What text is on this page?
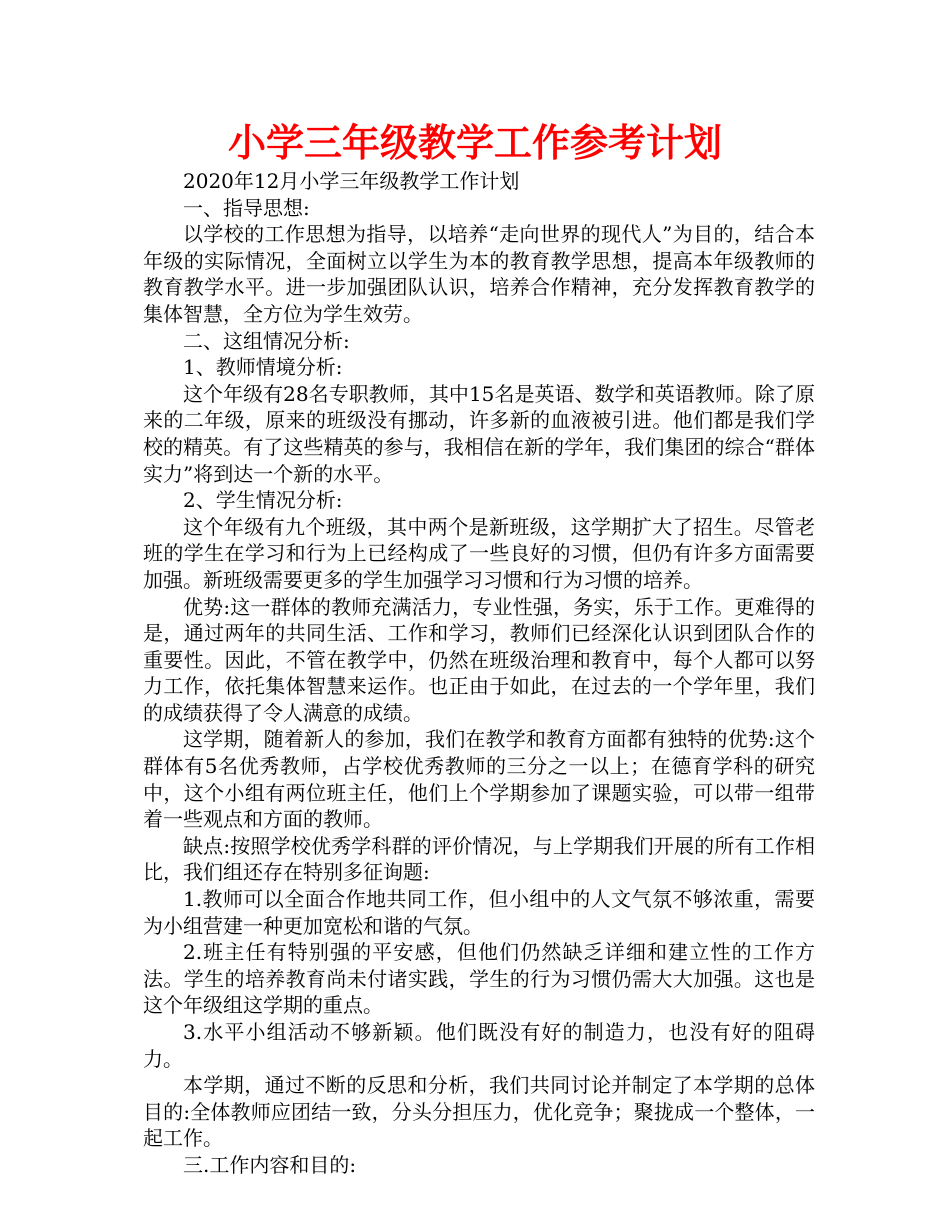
小学三年级教学工作参考计划

2020年12月小学三年级教学工作计划

一、指导思想:

以学校的工作思想为指导，以培养“走向世界的现代人”为目的，结合本年级的实际情况，全面树立以学生为本的教育教学思想，提高本年级教师的教育教学水平。进一步加强团队认识，培养合作精神，充分发挥教育教学的集体智慧，全方位为学生效劳。

二、这组情况分析:

1、教师情境分析:

这个年级有28名专职教师，其中15名是英语、数学和英语教师。除了原来的二年级，原来的班级没有挪动，许多新的血液被引进。他们都是我们学校的精英。有了这些精英的参与，我相信在新的学年，我们集团的综合“群体实力”将到达一个新的水平。

2、学生情况分析:

这个年级有九个班级，其中两个是新班级，这学期扩大了招生。尽管老班的学生在学习和行为上已经构成了一些良好的习惯，但仍有许多方面需要加强。新班级需要更多的学生加强学习习惯和行为习惯的培养。

优势:这一群体的教师充满活力，专业性强，务实，乐于工作。更难得的是，通过两年的共同生活、工作和学习，教师们已经深化认识到团队合作的重要性。因此，不管在教学中，仍然在班级治理和教育中，每个人都可以努力工作，依托集体智慧来运作。也正由于如此，在过去的一个学年里，我们的成绩获得了令人满意的成绩。

这学期，随着新人的参加，我们在教学和教育方面都有独特的优势:这个群体有5名优秀教师，占学校优秀教师的三分之一以上；在德育学科的研究中，这个小组有两位班主任，他们上个学期参加了课题实验，可以带一组带着一些观点和方面的教师。

缺点:按照学校优秀学科群的评价情况，与上学期我们开展的所有工作相比，我们组还存在特别多征询题:

1.教师可以全面合作地共同工作，但小组中的人文气氛不够浓重，需要为小组营建一种更加宽松和谐的气氛。

2.班主任有特别强的平安感，但他们仍然缺乏详细和建立性的工作方法。学生的培养教育尚未付诸实践，学生的行为习惯仍需大大加强。这也是这个年级组这学期的重点。

3.水平小组活动不够新颖。他们既没有好的制造力，也没有好的阻碍力。

本学期，通过不断的反思和分析，我们共同讨论并制定了本学期的总体目的:全体教师应团结一致，分头分担压力，优化竞争；聚拢成一个整体，一起工作。

三.工作内容和目的:
